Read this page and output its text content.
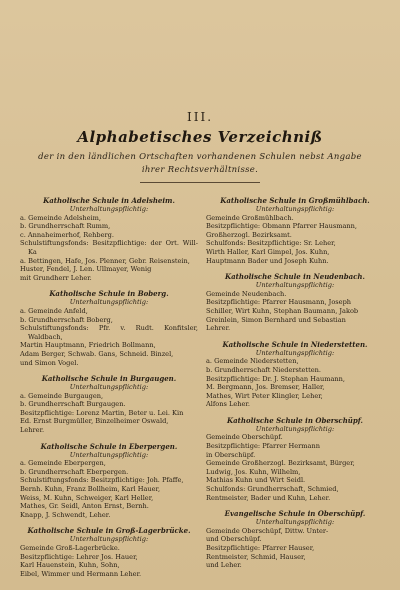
III.
Alphabetisches Verzeichniß
der in den ländlichen Ortschaften vorhandenen Schulen nebst Angabe
ihrer Rechtsverhältnisse.
Katholische Schule in Adelsheim.
Unterhaltungspflichtig:
a. Gemeinde Adelsheim,
b. Grundherrschaft Rumm,
c. Annaheimerhof, Rehberg.
Schulstiftungsfonds: Besitzpflichtige: der Ort. Will-Ka
a. Bettingen, Hafe, Jos. Plenner, Gebr. Reisenstein,
Huster, Fendel, J. Len. Ullmayer, Wenig
mit Grundherr Leher.
Katholische Schule in Boberg.
Unterhaltungspflichtig:
a. Gemeinde Anfeld,
b. Grundherrschaft Boberg,
Schulstiftungsfonds: Pfr. v. Rudt. Konfitsler, Waldbach,
Martin Hauptmann, Friedrich Bollmann,
Adam Berger, Schwab. Gans, Schneid. Binzel,
und Simon Vogel.
Katholische Schule in Burgaugen.
Unterhaltungspflichtig:
a. Gemeinde Burgaugen,
b. Grundherrschaft Burgaugen.
Besitzpflichtige: Lorenz Martin, Beter u. Lei. Kin
Ed. Ernst Burgmüller, Binzelheimer Oswald,
Lehrer.
Katholische Schule in Eberpergen.
Unterhaltungspflichtig:
a. Gemeinde Eberpergen,
b. Grundherrschaft Eberpergen.
Schulstiftungsfonds: Besitzpflichtige: Joh. Pfaffe,
Bernh. Kuhn, Franz Bollheim, Karl Hauer,
Weiss, M. Kuhn, Schweiger, Karl Heller,
Mathes, Gr. Seidl, Anton Ernst, Bernh.
Knapp, J. Schwendt, Leher.
Katholische Schule in Groß-Lagerbrücke.
Unterhaltungspflichtig:
Gemeinde Groß-Lagerbrücke.
Besitzpflichtige: Lehrer Jos. Hauer,
Karl Hauenstein, Kuhn, Sohn,
Eibel, Wimmer und Hermann Leher.
Katholische Schule in Großmühlbach.
Unterhaltungspflichtig:
Gemeinde Großmühlbach.
Besitzpflichtige: Obmann Pfarrer Hausmann,
Großherzogl. Bezirksamt.
Schulfonds: Besitzpflichtige: Sr. Leher,
Wirth Haller, Karl Gimpel, Jos. Kuhn,
Hauptmann Bader und Joseph Kuhn.
Katholische Schule in Neudenbach.
Unterhaltungspflichtig:
Gemeinde Neudenbach.
Besitzpflichtige: Pfarrer Hausmann, Joseph
Schiller, Wirt Kuhn, Stephan Baumann, Jakob
Greinlein, Simon Bernhard und Sebastian
Lehrer.
Katholische Schule in Niederstetten.
Unterhaltungspflichtig:
a. Gemeinde Niederstetten,
b. Grundherrschaft Niederstetten.
Besitzpflichtige: Dr. J. Stephan Haumann,
M. Bergmann, Jos. Bremser, Haller,
Mathes, Wirt Peter Klingler, Leher,
Alfons Leher.
Katholische Schule in Oberschüpf.
Unterhaltungspflichtig:
Gemeinde Oberschüpf.
Besitzpflichtige: Pfarrer Hermann
in Oberschüpf.
Gemeinde Großherzogl. Bezirksamt, Bürger,
Ludwig, Jos. Kuhn, Wilhelm,
Mathias Kuhn und Wirt Seidl.
Schulfonds: Grundherrschaft, Schmied,
Rentmeister, Bader und Kuhn, Leher.
Evangelische Schule in Oberschüpf.
Unterhaltungspflichtig:
Gemeinde Oberschüpf, Dittw. Unter-
und Oberschüpf.
Besitzpflichtige: Pfarrer Hauser,
Rentmeister, Schmid, Hauser,
und Leher.
